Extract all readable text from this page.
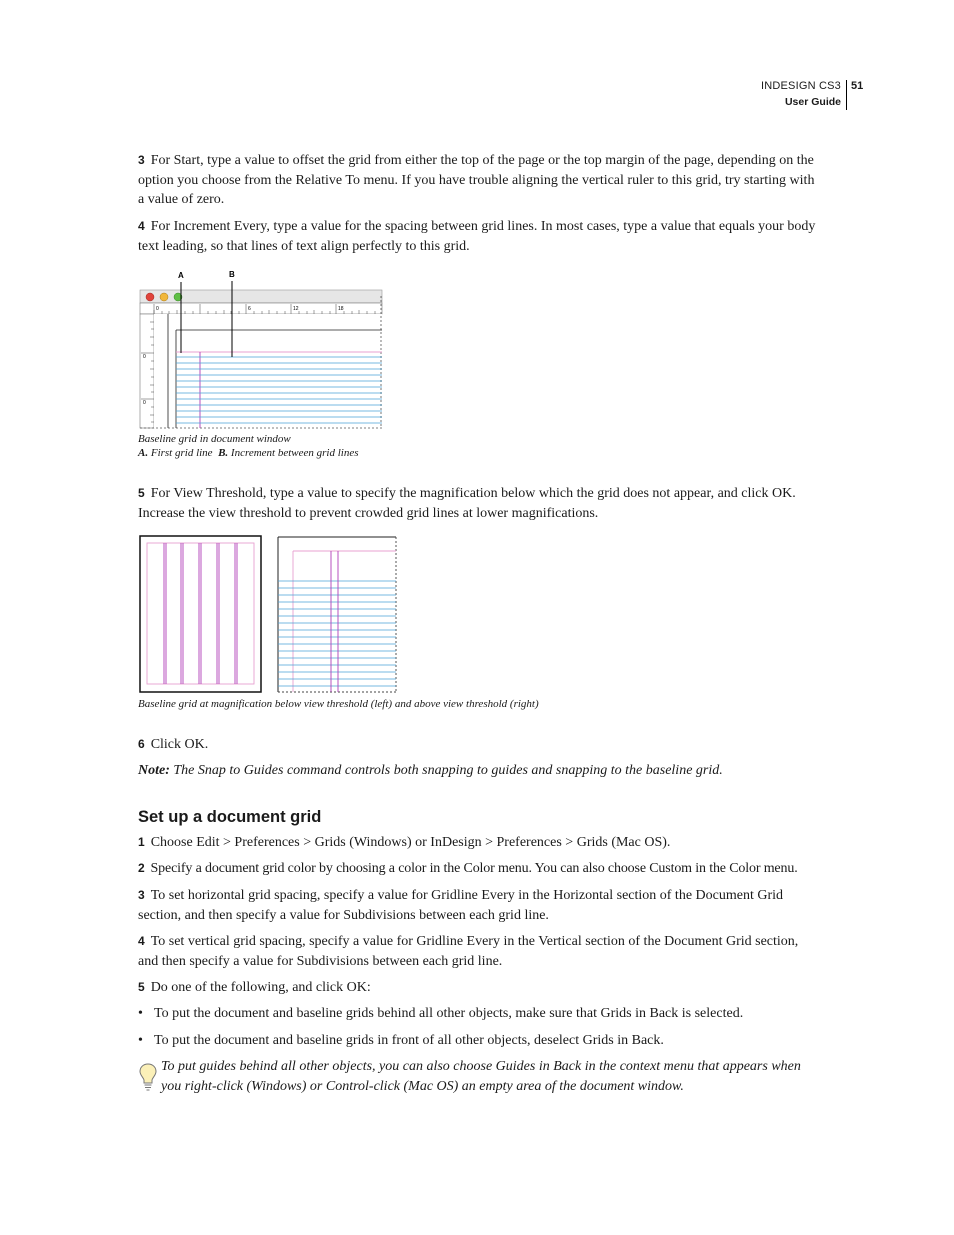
INDESIGN CS3
User Guide
51
3 For Start, type a value to offset the grid from either the top of the page or the top margin of the page, depending on the option you choose from the Relative To menu. If you have trouble aligning the vertical ruler to this grid, try starting with a value of zero.
4 For Increment Every, type a value for the spacing between grid lines. In most cases, type a value that equals your body text leading, so that lines of text align perfectly to this grid.
A	B
0	6	12	18
0
0
Baseline grid in document window
A. First grid line B. Increment between grid lines
5 For View Threshold, type a value to specify the magnification below which the grid does not appear, and click OK. Increase the view threshold to prevent crowded grid lines at lower magnifications.
Baseline grid at magnification below view threshold (left) and above view threshold (right)
6 Click OK.
Note: The Snap to Guides command controls both snapping to guides and snapping to the baseline grid.
Set up a document grid
1 Choose Edit > Preferences > Grids (Windows) or InDesign > Preferences > Grids (Mac OS).
2 Specify a document grid color by choosing a color in the Color menu. You can also choose Custom in the Color menu.
3 To set horizontal grid spacing, specify a value for Gridline Every in the Horizontal section of the Document Grid section, and then specify a value for Subdivisions between each grid line.
4 To set vertical grid spacing, specify a value for Gridline Every in the Vertical section of the Document Grid section, and then specify a value for Subdivisions between each grid line.
5 Do one of the following, and click OK:
• To put the document and baseline grids behind all other objects, make sure that Grids in Back is selected.
• To put the document and baseline grids in front of all other objects, deselect Grids in Back.
To put guides behind all other objects, you can also choose Guides in Back in the context menu that appears when you right-click (Windows) or Control-click (Mac OS) an empty area of the document window.
